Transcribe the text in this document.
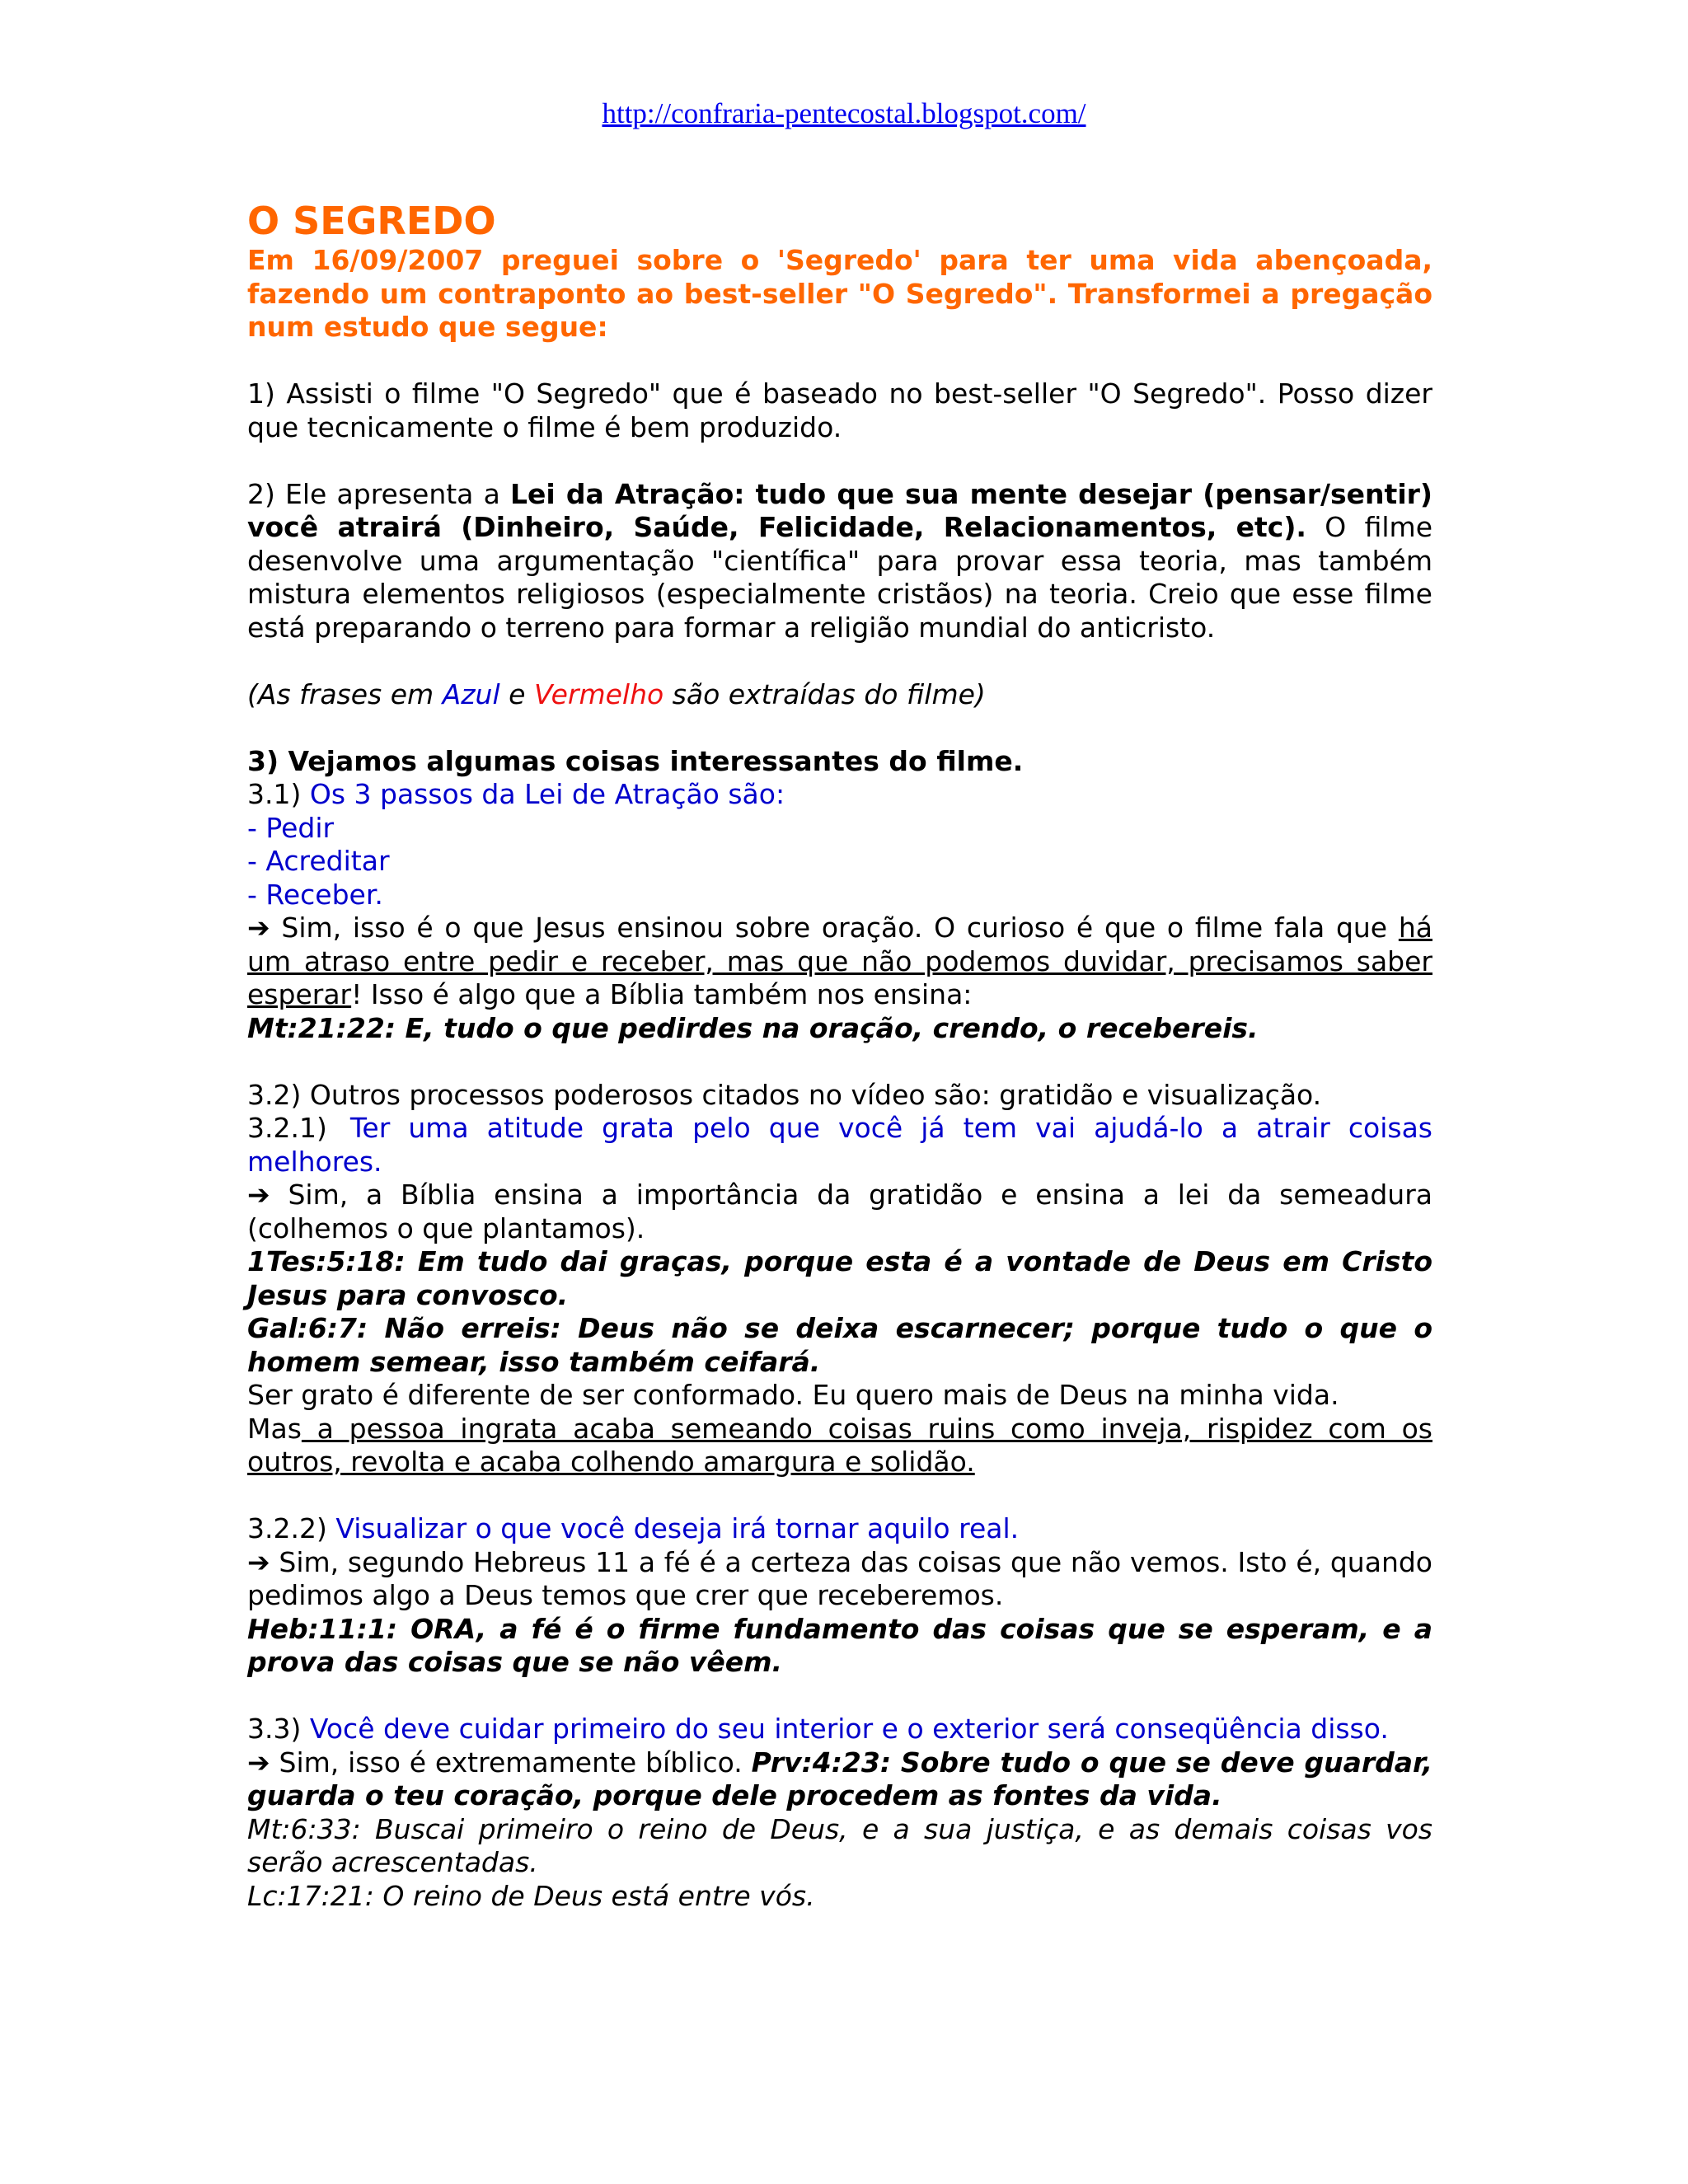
http://confraria-pentecostal.blogspot.com/
O SEGREDO

Em 16/09/2007 preguei sobre o 'Segredo' para ter uma vida abençoada, fazendo um contraponto ao best-seller "O Segredo". Transformei a pregação num estudo que segue:

1) Assisti o filme "O Segredo" que é baseado no best-seller "O Segredo". Posso dizer que tecnicamente o filme é bem produzido.

2) Ele apresenta a Lei da Atração: tudo que sua mente desejar (pensar/sentir) você atrairá (Dinheiro, Saúde, Felicidade, Relacionamentos, etc). O filme desenvolve uma argumentação "científica" para provar essa teoria, mas também mistura elementos religiosos (especialmente cristãos) na teoria. Creio que esse filme está preparando o terreno para formar a religião mundial do anticristo.

(As frases em Azul e Vermelho são extraídas do filme)

3) Vejamos algumas coisas interessantes do filme.

3.1) Os 3 passos da Lei de Atração são:

- Pedir

- Acreditar

- Receber.

➔ Sim, isso é o que Jesus ensinou sobre oração. O curioso é que o filme fala que há um atraso entre pedir e receber, mas que não podemos duvidar, precisamos saber esperar! Isso é algo que a Bíblia também nos ensina:

Mt:21:22: E, tudo o que pedirdes na oração, crendo, o recebereis.

3.2) Outros processos poderosos citados no vídeo são: gratidão e visualização.

3.2.1) Ter uma atitude grata pelo que você já tem vai ajudá-lo a atrair coisas melhores.

➔ Sim, a Bíblia ensina a importância da gratidão e ensina a lei da semeadura (colhemos o que plantamos).

1Tes:5:18: Em tudo dai graças, porque esta é a vontade de Deus em Cristo Jesus para convosco.

Gal:6:7: Não erreis: Deus não se deixa escarnecer; porque tudo o que o homem semear, isso também ceifará.

Ser grato é diferente de ser conformado. Eu quero mais de Deus na minha vida.

Mas a pessoa ingrata acaba semeando coisas ruins como inveja, rispidez com os outros, revolta e acaba colhendo amargura e solidão.

3.2.2) Visualizar o que você deseja irá tornar aquilo real.

➔ Sim, segundo Hebreus 11 a fé é a certeza das coisas que não vemos. Isto é, quando pedimos algo a Deus temos que crer que receberemos.

Heb:11:1: ORA, a fé é o firme fundamento das coisas que se esperam, e a prova das coisas que se não vêem.

3.3) Você deve cuidar primeiro do seu interior e o exterior será conseqüência disso.

➔ Sim, isso é extremamente bíblico. Prv:4:23: Sobre tudo o que se deve guardar, guarda o teu coração, porque dele procedem as fontes da vida.

Mt:6:33: Buscai primeiro o reino de Deus, e a sua justiça, e as demais coisas vos serão acrescentadas.

Lc:17:21: O reino de Deus está entre vós.
